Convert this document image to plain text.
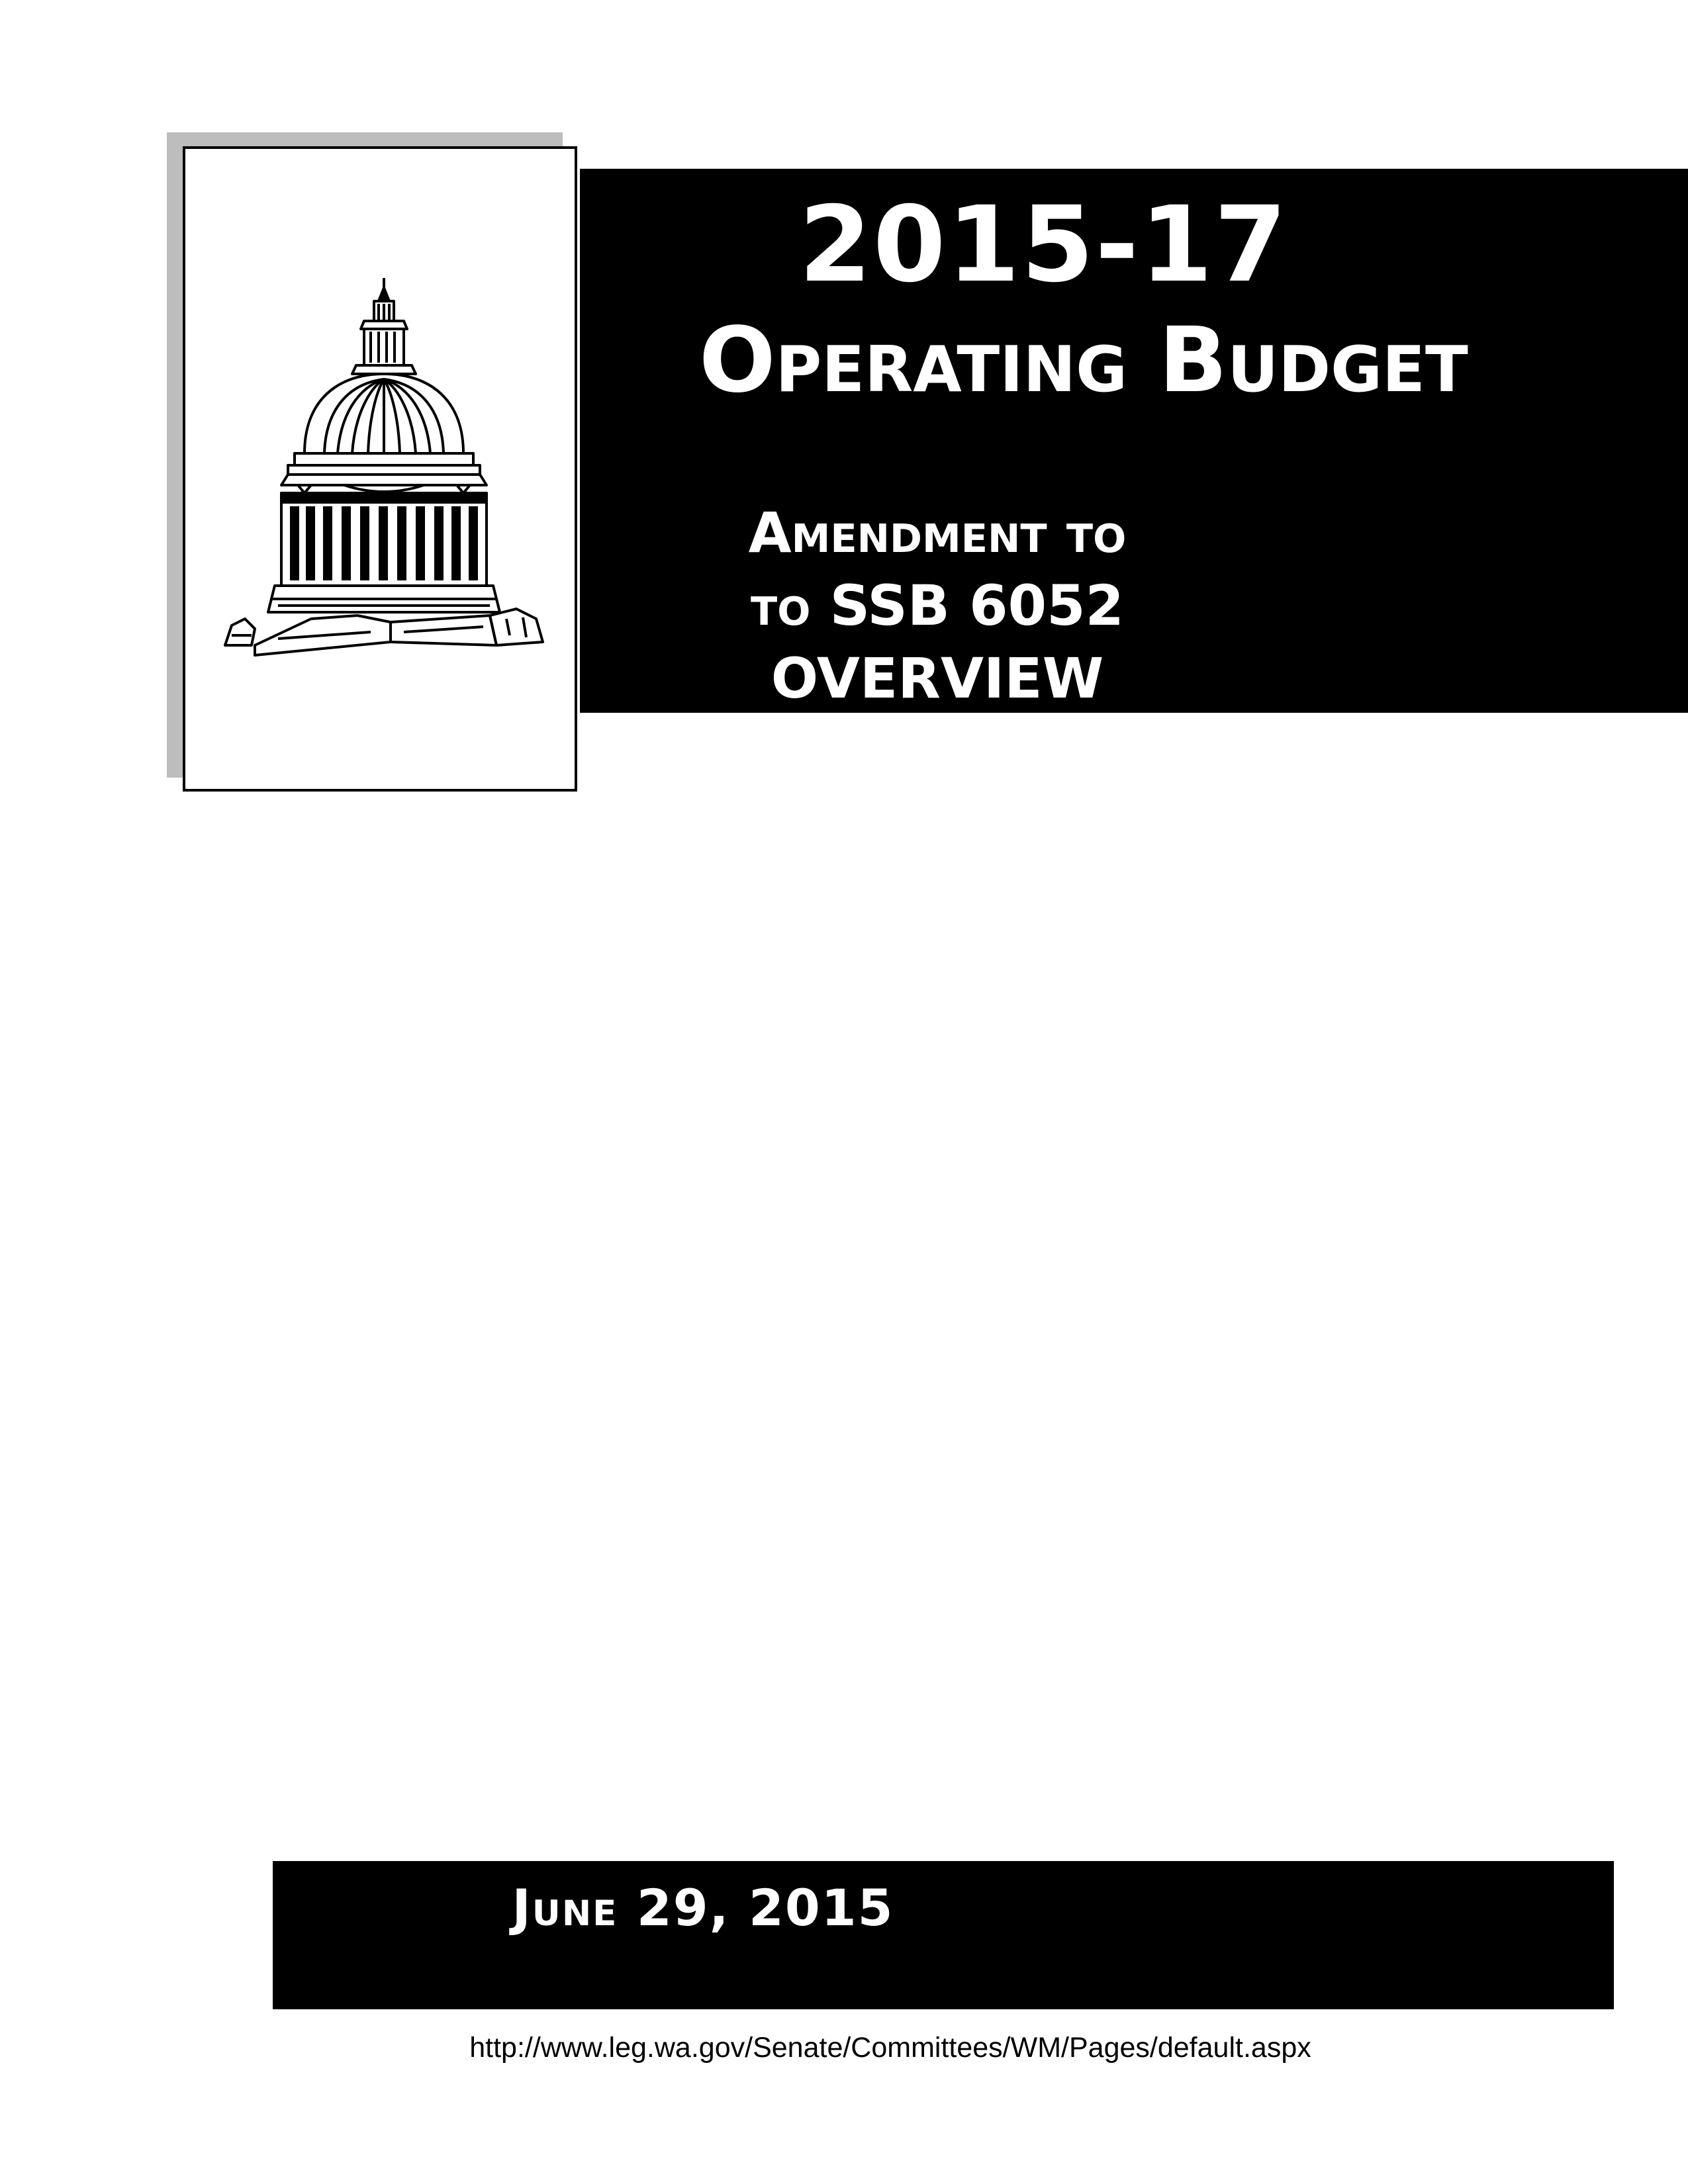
2015-17
Operating Budget
Amendment to
to SSB 6052
OVERVIEW
June 29, 2015
http://www.leg.wa.gov/Senate/Committees/WM/Pages/default.aspx
